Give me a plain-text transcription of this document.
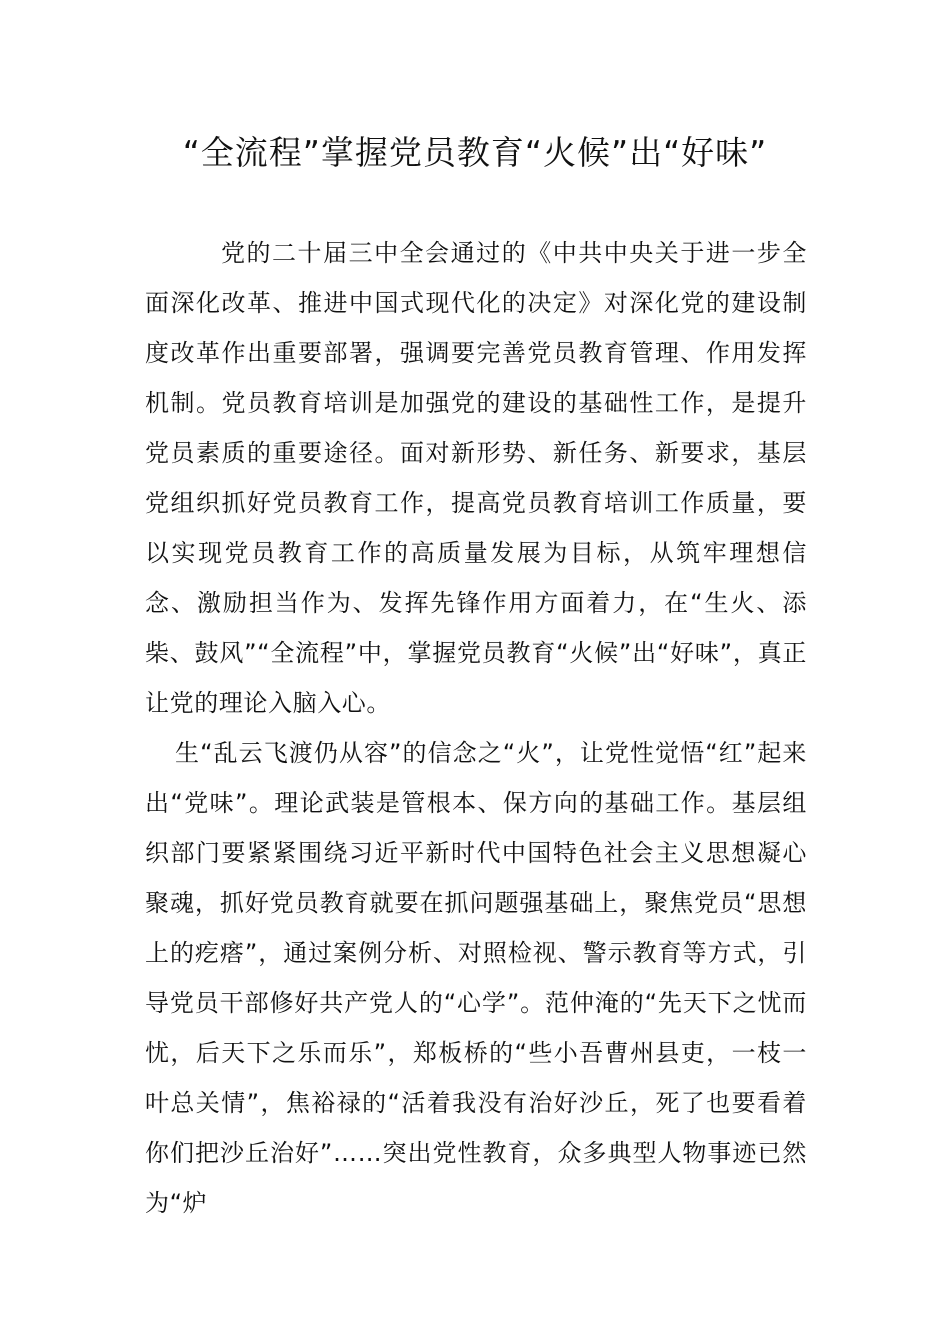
“全流程”掌握党员教育“火候”出“好味”

党的二十届三中全会通过的《中共中央关于进一步全面深化改革、推进中国式现代化的决定》对深化党的建设制度改革作出重要部署，强调要完善党员教育管理、作用发挥机制。党员教育培训是加强党的建设的基础性工作，是提升党员素质的重要途径。面对新形势、新任务、新要求，基层党组织抓好党员教育工作，提高党员教育培训工作质量，要以实现党员教育工作的高质量发展为目标，从筑牢理想信念、激励担当作为、发挥先锋作用方面着力，在“生火、添柴、鼓风”“全流程”中，掌握党员教育“火候”出“好味”，真正让党的理论入脑入心。

生“乱云飞渡仍从容”的信念之“火”，让党性觉悟“红”起来出“党味”。理论武装是管根本、保方向的基础工作。基层组织部门要紧紧围绕习近平新时代中国特色社会主义思想凝心聚魂，抓好党员教育就要在抓问题强基础上，聚焦党员“思想上的疙瘩”，通过案例分析、对照检视、警示教育等方式，引导党员干部修好共产党人的“心学”。范仲淹的“先天下之忧而忧，后天下之乐而乐”，郑板桥的“些小吾曹州县吏，一枝一叶总关情”，焦裕禄的“活着我没有治好沙丘，死了也要看着你们把沙丘治好”……突出党性教育，众多典型人物事迹已然为“炉
